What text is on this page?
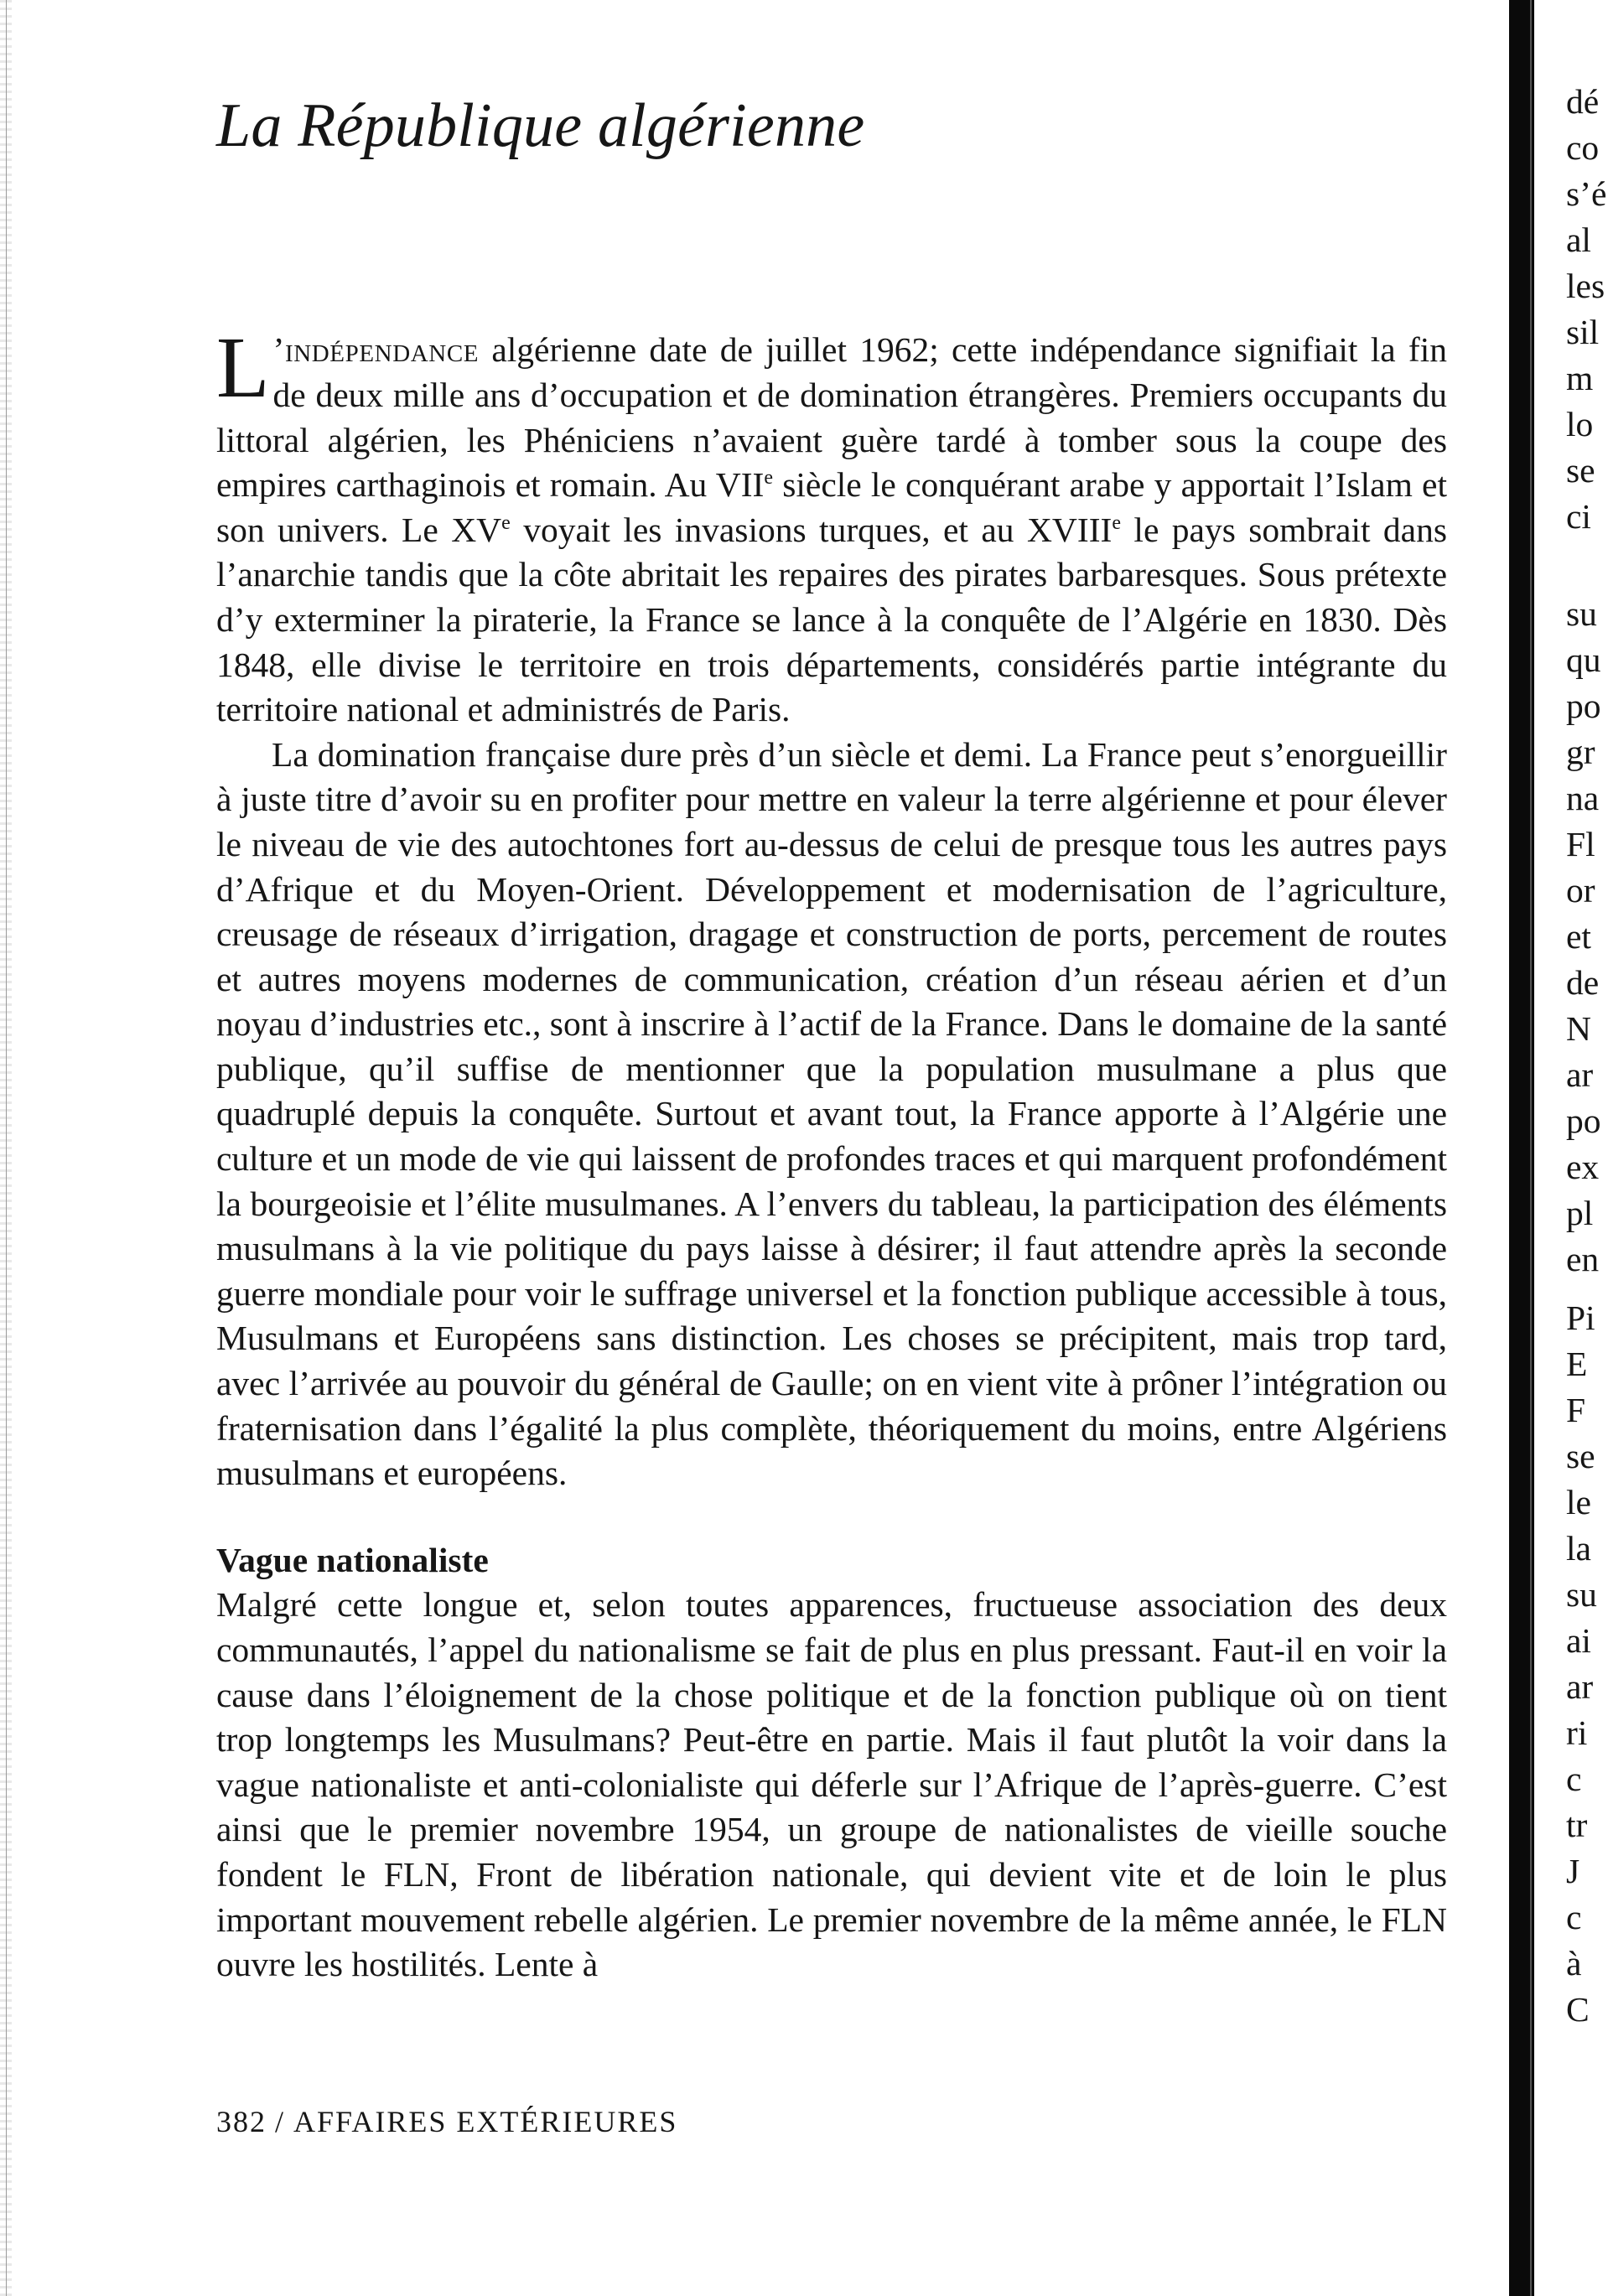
La République algérienne

L ’indépendance algérienne date de juillet 1962; cette indépendance signifiait la fin de deux mille ans d’occupation et de domination étrangères. Premiers occupants du littoral algérien, les Phéniciens n’avaient guère tardé à tomber sous la coupe des empires carthaginois et romain. Au VIIe siècle le conquérant arabe y apportait l’Islam et son univers. Le XVe voyait les invasions turques, et au XVIIIe le pays sombrait dans l’anarchie tandis que la côte abritait les repaires des pirates barbaresques. Sous prétexte d’y exterminer la piraterie, la France se lance à la conquête de l’Algérie en 1830. Dès 1848, elle divise le territoire en trois départements, considérés partie intégrante du territoire national et administrés de Paris.

La domination française dure près d’un siècle et demi. La France peut s’enorgueillir à juste titre d’avoir su en profiter pour mettre en valeur la terre algérienne et pour élever le niveau de vie des autochtones fort au-dessus de celui de presque tous les autres pays d’Afrique et du Moyen-Orient. Développement et modernisation de l’agriculture, creusage de réseaux d’irrigation, dragage et construction de ports, percement de routes et autres moyens modernes de communication, création d’un réseau aérien et d’un noyau d’industries etc., sont à inscrire à l’actif de la France. Dans le domaine de la santé publique, qu’il suffise de mentionner que la population musulmane a plus que quadruplé depuis la conquête. Surtout et avant tout, la France apporte à l’Algérie une culture et un mode de vie qui laissent de profondes traces et qui marquent profondément la bourgeoisie et l’élite musulmanes. A l’envers du tableau, la participation des éléments musulmans à la vie politique du pays laisse à désirer; il faut attendre après la seconde guerre mondiale pour voir le suffrage universel et la fonction publique accessible à tous, Musulmans et Européens sans distinction. Les choses se précipitent, mais trop tard, avec l’arrivée au pouvoir du général de Gaulle; on en vient vite à prôner l’intégration ou fraternisation dans l’égalité la plus complète, théoriquement du moins, entre Algériens musulmans et européens.

Vague nationaliste

Malgré cette longue et, selon toutes apparences, fructueuse association des deux communautés, l’appel du nationalisme se fait de plus en plus pressant. Faut-il en voir la cause dans l’éloignement de la chose politique et de la fonction publique où on tient trop longtemps les Musulmans? Peut-être en partie. Mais il faut plutôt la voir dans la vague nationaliste et anti-colonialiste qui déferle sur l’Afrique de l’après-guerre. C’est ainsi que le premier novembre 1954, un groupe de nationalistes de vieille souche fondent le FLN, Front de libération nationale, qui devient vite et de loin le plus important mouvement rebelle algérien. Le premier novembre de la même année, le FLN ouvre les hostilités. Lente à

382 / AFFAIRES EXTÉRIEURES
dé
co
s’é
al
les
sil
m
lo
se
ci
su
qu
po
gr
na
Fl
or
et
de
N
ar
po
ex
pl
en
Pi
E
F
se
le
la
su
ai
ar
ri
c
tr
J
c
à
C
